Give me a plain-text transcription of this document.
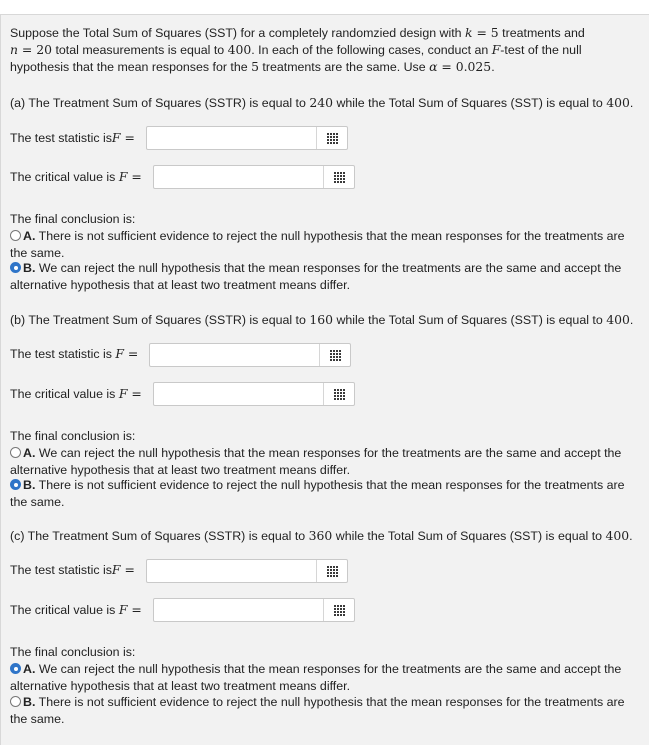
Suppose the Total Sum of Squares (SST) for a completely randomzied design with k = 5 treatments and
n = 20 total measurements is equal to 400. In each of the following cases, conduct an F-test of the null
hypothesis that the mean responses for the 5 treatments are the same. Use α = 0.025.
(a) The Treatment Sum of Squares (SSTR) is equal to 240 while the Total Sum of Squares (SST) is equal to 400.
The test statistic isF =
The critical value is F =
The final conclusion is:
A. There is not sufficient evidence to reject the null hypothesis that the mean responses for the treatments are the same.
B. We can reject the null hypothesis that the mean responses for the treatments are the same and accept the alternative hypothesis that at least two treatment means differ.
(b) The Treatment Sum of Squares (SSTR) is equal to 160 while the Total Sum of Squares (SST) is equal to 400.
The test statistic is F =
The critical value is F =
The final conclusion is:
A. We can reject the null hypothesis that the mean responses for the treatments are the same and accept the alternative hypothesis that at least two treatment means differ.
B. There is not sufficient evidence to reject the null hypothesis that the mean responses for the treatments are the same.
(c) The Treatment Sum of Squares (SSTR) is equal to 360 while the Total Sum of Squares (SST) is equal to 400.
The test statistic isF =
The critical value is F =
The final conclusion is:
A. We can reject the null hypothesis that the mean responses for the treatments are the same and accept the alternative hypothesis that at least two treatment means differ.
B. There is not sufficient evidence to reject the null hypothesis that the mean responses for the treatments are the same.
